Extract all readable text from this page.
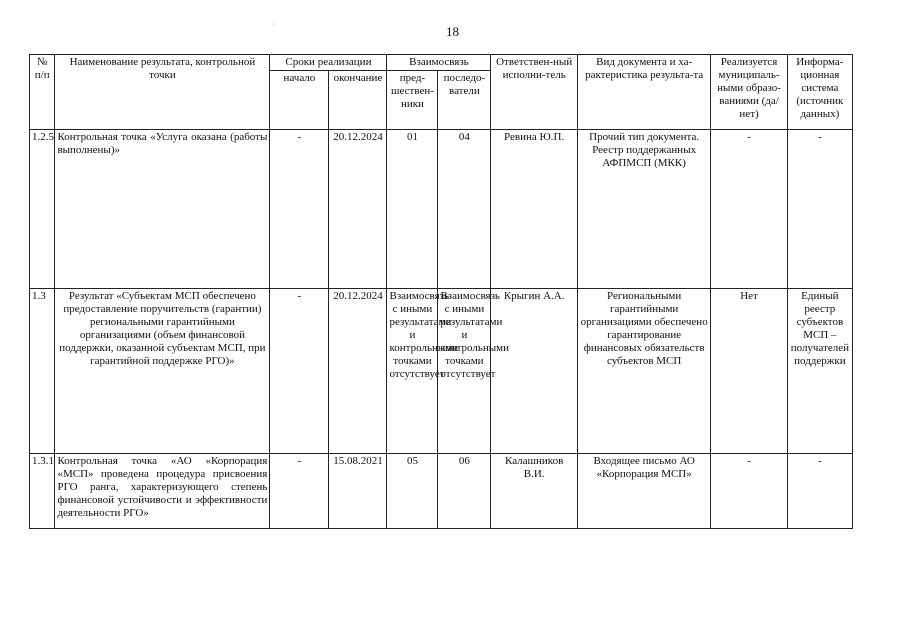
18
·
№ п/п	Наименование результата, контрольной точки	Сроки реализации		Взаимосвязь		Ответствен-ный исполни-тель	Вид документа и ха-рактеристика результа-та	Реализуется муниципаль-ными образо-ваниями (да/нет)	Информа-ционная система (источник данных)
		начало	окончание	пред-шествен-ники	последо-ватели				
1.2.5	Контрольная точка «Услуга оказана (работы выполнены)»	-	20.12.2024	01	04	Ревина Ю.П.	Прочий тип документа. Реестр поддержанных АФПМСП (МКК)	-	-
1.3	Результат «Субъектам МСП обеспечено предоставление поручительств (гарантии) региональными гарантийными организациями (объем финансовой поддержки, оказанной субъектам МСП, при гарантийной поддержке РГО)»	-	20.12.2024	Взаимосвязь с иными результатами и контрольными точками отсутствует	Взаимосвязь с иными результатами и контрольными точками отсутствует	Крыгин А.А.	Региональными гарантийными организациями обеспечено гарантирование финансовых обязательств субъектов МСП	Нет	Единый реестр субъектов МСП – получателей поддержки
1.3.1	Контрольная точка «АО «Корпорация «МСП» проведена процедура присвоения РГО ранга, характеризующего степень финансовой устойчивости и эффективности деятельности РГО»	-	15.08.2021	05	06	Калашников В.И.	Входящее письмо АО «Корпорация МСП»	-	-
